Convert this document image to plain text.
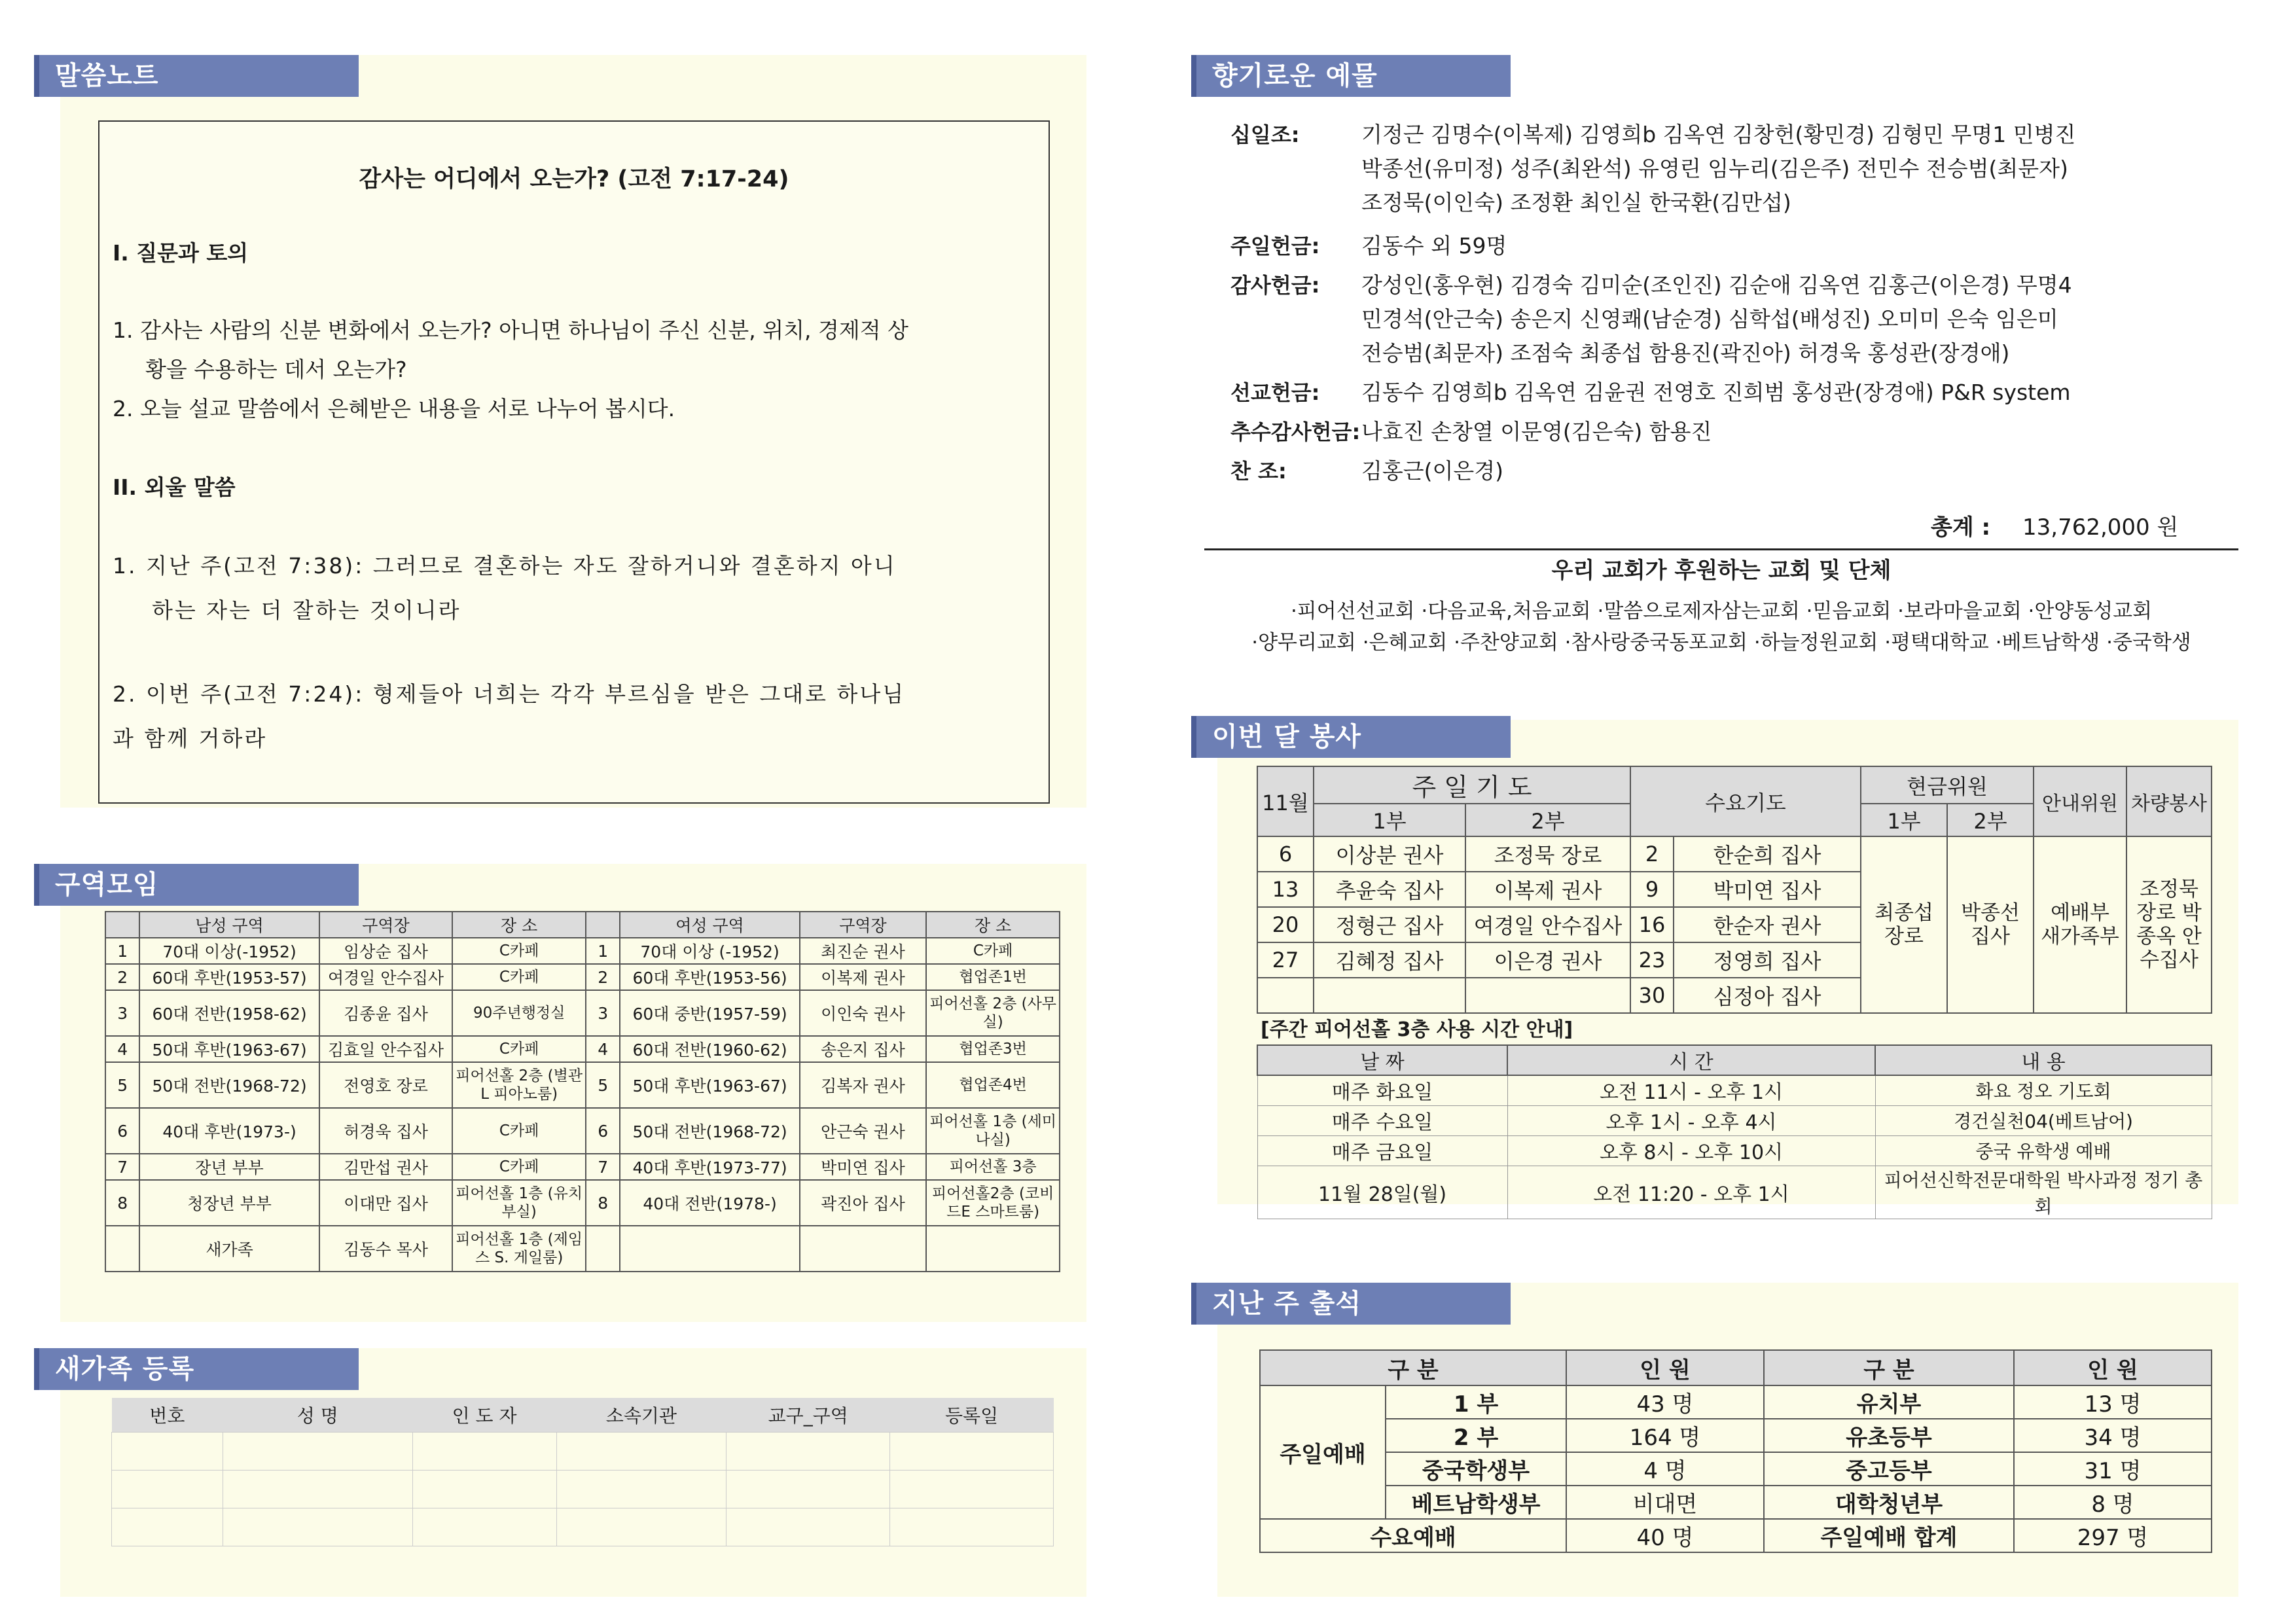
말씀노트
감사는 어디에서 오는가? (고전 7:17-24)
I. 질문과 토의
1. 감사는 사람의 신분 변화에서 오는가? 아니면 하나님이 주신 신분, 위치, 경제적 상
황을 수용하는 데서 오는가?
2. 오늘 설교 말씀에서 은혜받은 내용을 서로 나누어 봅시다.
II. 외울 말씀
1. 지난 주(고전 7:38): 그러므로 결혼하는 자도 잘하거니와 결혼하지 아니
하는 자는 더 잘하는 것이니라
2. 이번 주(고전 7:24): 형제들아 너희는 각각 부르심을 받은 그대로 하나님
과 함께 거하라
구역모임
	남성 구역	구역장	장 소		여성 구역	구역장	장 소
1	70대 이상(-1952)	임상순 집사	C카페	1	70대 이상 (-1952)	최진순 권사	C카페
2	60대 후반(1953-57)	여경일 안수집사	C카페	2	60대 후반(1953-56)	이복제 권사	협업존1번
3	60대 전반(1958-62)	김종윤 집사	90주년행정실	3	60대 중반(1957-59)	이인숙 권사	피어선홀 2층 (사무실)
4	50대 후반(1963-67)	김효일 안수집사	C카페	4	60대 전반(1960-62)	송은지 집사	협업존3번
5	50대 전반(1968-72)	전영호 장로	피어선홀 2층 (별관 L 피아노룸)	5	50대 후반(1963-67)	김복자 권사	협업존4번
6	40대 후반(1973-)	허경욱 집사	C카페	6	50대 전반(1968-72)	안근숙 권사	피어선홀 1층 (세미나실)
7	장년 부부	김만섭 권사	C카페	7	40대 후반(1973-77)	박미연 집사	피어선홀 3층
8	청장년 부부	이대만 집사	피어선홀 1층 (유치부실)	8	40대 전반(1978-)	곽진아 집사	피어선홀2층 (코비드E 스마트룸)
	새가족	김동수 목사	피어선홀 1층 (제임스 S. 게일룸)				
새가족 등록
번호	성 명	인 도 자	소속기관	교구_구역	등록일

향기로운 예물
십일조:	기정근 김명수(이복제) 김영희b 김옥연 김창헌(황민경) 김형민 무명1 민병진
박종선(유미정) 성주(최완석) 유영린 임누리(김은주) 전민수 전승범(최문자)
조정묵(이인숙) 조정환 최인실 한국환(김만섭)
주일헌금: 김동수 외 59명
감사헌금: 강성인(홍우현) 김경숙 김미순(조인진) 김순애 김옥연 김홍근(이은경) 무명4
민경석(안근숙) 송은지 신영쾌(남순경) 심학섭(배성진) 오미미 은숙 임은미
전승범(최문자) 조점숙 최종섭 함용진(곽진아) 허경욱 홍성관(장경애)
선교헌금: 김동수 김영희b 김옥연 김윤권 전영호 진희범 홍성관(장경애) P&R system
추수감사헌금: 나효진 손창열 이문영(김은숙) 함용진
찬 조:	김홍근(이은경)
총계 : 13,762,000 원
우리 교회가 후원하는 교회 및 단체
·피어선선교회 ·다음교육,처음교회 ·말씀으로제자삼는교회 ·믿음교회 ·보라마을교회 ·안양동성교회
·양무리교회 ·은혜교회 ·주찬양교회 ·참사랑중국동포교회 ·하늘정원교회 ·평택대학교 ·베트남학생 ·중국학생
이번 달 봉사
11월	주 일 기 도		수요기도		현금위원		안내위원	차량봉사
	1부	2부			1부	2부		
6	이상분 권사	조정묵 장로	2	한순희 집사	최종섭 장로	박종선 집사	예배부 새가족부	조정묵 장로 박종옥 안수집사
13	추윤숙 집사	이복제 권사	9	박미연 집사				
20	정형근 집사	여경일 안수집사	16	한순자 권사				
27	김혜정 집사	이은경 권사	23	정영희 집사				
			30	심정아 집사				
[주간 피어선홀 3층 사용 시간 안내]
날 짜	시 간	내 용
매주 화요일	오전 11시 - 오후 1시	화요 정오 기도회
매주 수요일	오후 1시 - 오후 4시	경건실천04(베트남어)
매주 금요일	오후 8시 - 오후 10시	중국 유학생 예배
11월 28일(월)	오전 11:20 - 오후 1시	피어선신학전문대학원 박사과정 정기 총회
지난 주 출석
구 분		인 원	구 분	인 원
주일예배	1 부	43 명	유치부	13 명
	2 부	164 명	유초등부	34 명
	중국학생부	4 명	중고등부	31 명
	베트남학생부	비대면	대학청년부	8 명
수요예배		40 명	주일예배 합계	297 명
